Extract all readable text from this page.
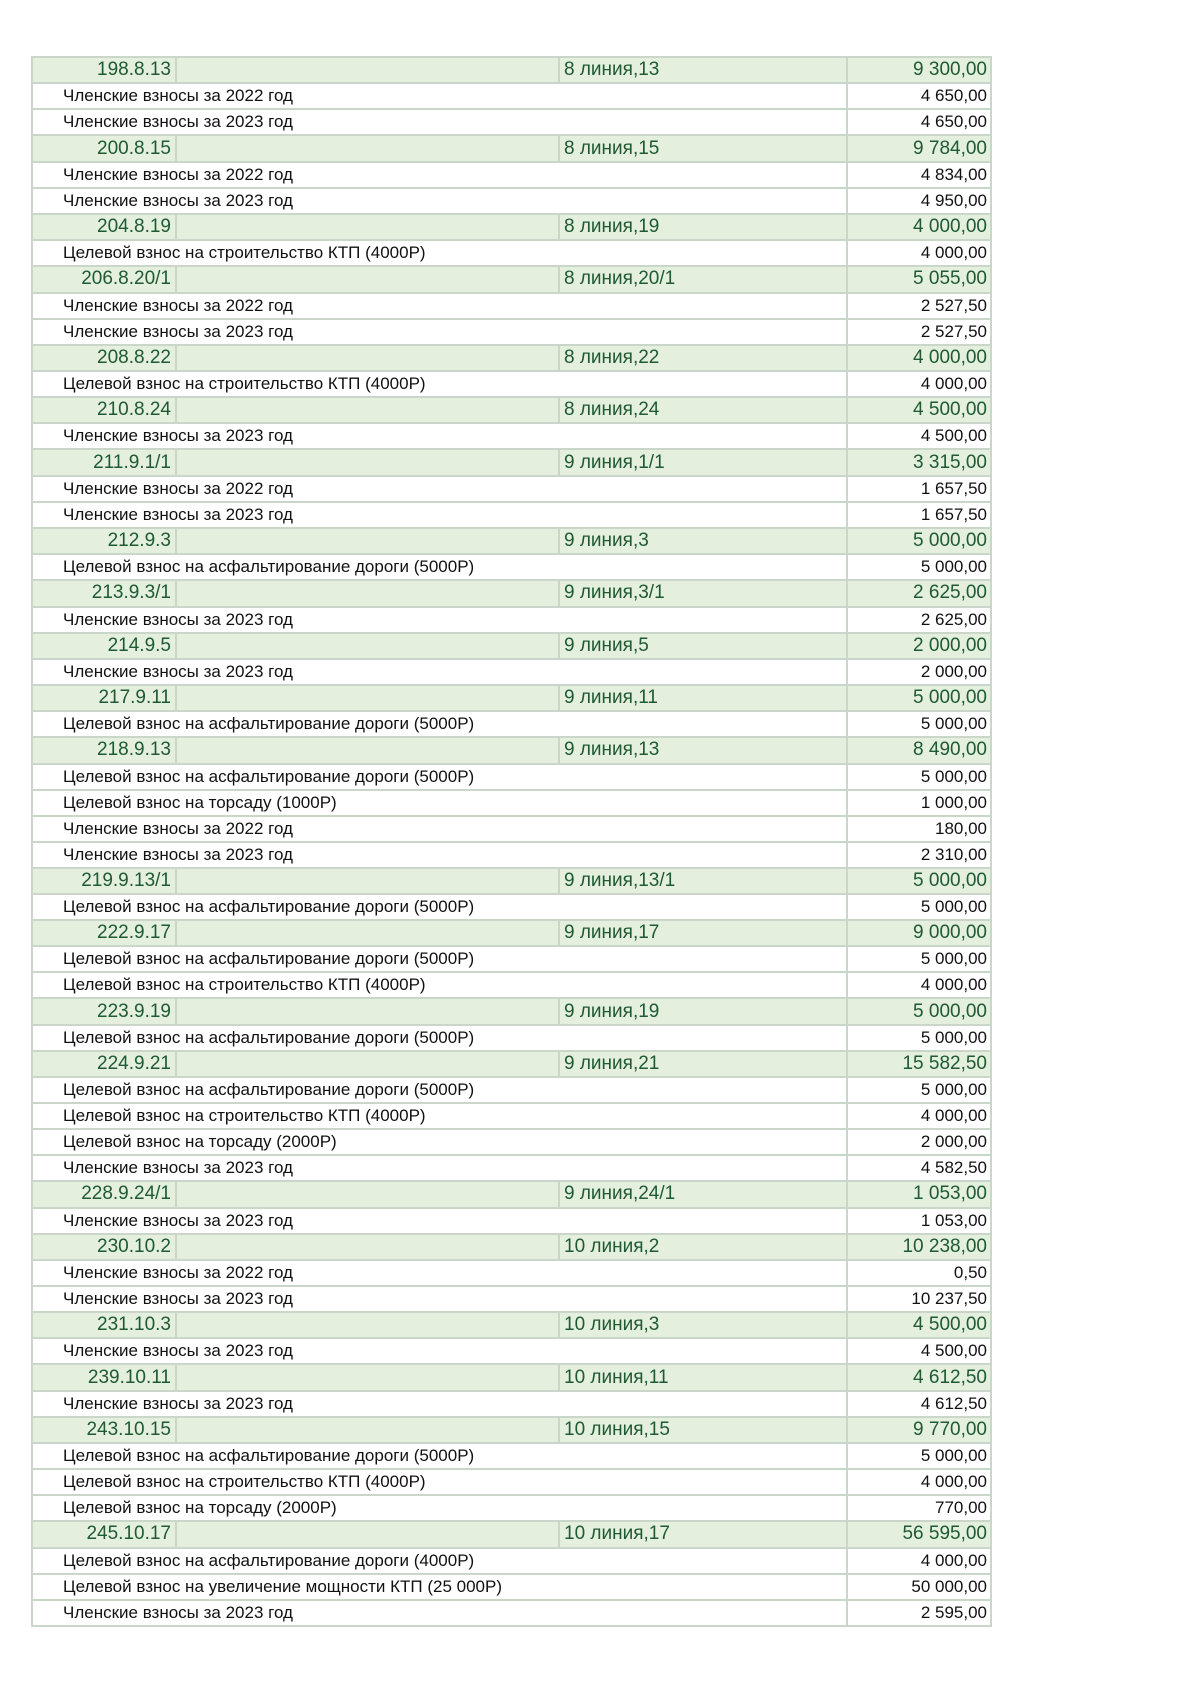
198.8.13		8 линия,13	9 300,00
Членские взносы за 2022 год			4 650,00
Членские взносы за 2023 год			4 650,00
200.8.15		8 линия,15	9 784,00
Членские взносы за 2022 год			4 834,00
Членские взносы за 2023 год			4 950,00
204.8.19		8 линия,19	4 000,00
Целевой взнос на строительство КТП (4000Р)			4 000,00
206.8.20/1		8 линия,20/1	5 055,00
Членские взносы за 2022 год			2 527,50
Членские взносы за 2023 год			2 527,50
208.8.22		8 линия,22	4 000,00
Целевой взнос на строительство КТП (4000Р)			4 000,00
210.8.24		8 линия,24	4 500,00
Членские взносы за 2023 год			4 500,00
211.9.1/1		9 линия,1/1	3 315,00
Членские взносы за 2022 год			1 657,50
Членские взносы за 2023 год			1 657,50
212.9.3		9 линия,3	5 000,00
Целевой взнос на асфальтирование дороги (5000Р)			5 000,00
213.9.3/1		9 линия,3/1	2 625,00
Членские взносы за 2023 год			2 625,00
214.9.5		9 линия,5	2 000,00
Членские взносы за 2023 год			2 000,00
217.9.11		9 линия,11	5 000,00
Целевой взнос на асфальтирование дороги (5000Р)			5 000,00
218.9.13		9 линия,13	8 490,00
Целевой взнос на асфальтирование дороги (5000Р)			5 000,00
Целевой взнос на торсаду (1000Р)			1 000,00
Членские взносы за 2022 год			180,00
Членские взносы за 2023 год			2 310,00
219.9.13/1		9 линия,13/1	5 000,00
Целевой взнос на асфальтирование дороги (5000Р)			5 000,00
222.9.17		9 линия,17	9 000,00
Целевой взнос на асфальтирование дороги (5000Р)			5 000,00
Целевой взнос на строительство КТП (4000Р)			4 000,00
223.9.19		9 линия,19	5 000,00
Целевой взнос на асфальтирование дороги (5000Р)			5 000,00
224.9.21		9 линия,21	15 582,50
Целевой взнос на асфальтирование дороги (5000Р)			5 000,00
Целевой взнос на строительство КТП (4000Р)			4 000,00
Целевой взнос на торсаду (2000Р)			2 000,00
Членские взносы за 2023 год			4 582,50
228.9.24/1		9 линия,24/1	1 053,00
Членские взносы за 2023 год			1 053,00
230.10.2		10 линия,2	10 238,00
Членские взносы за 2022 год			0,50
Членские взносы за 2023 год			10 237,50
231.10.3		10 линия,3	4 500,00
Членские взносы за 2023 год			4 500,00
239.10.11		10 линия,11	4 612,50
Членские взносы за 2023 год			4 612,50
243.10.15		10 линия,15	9 770,00
Целевой взнос на асфальтирование дороги (5000Р)			5 000,00
Целевой взнос на строительство КТП (4000Р)			4 000,00
Целевой взнос на торсаду (2000Р)			770,00
245.10.17		10 линия,17	56 595,00
Целевой взнос на асфальтирование дороги (4000Р)			4 000,00
Целевой взнос на увеличение мощности КТП (25 000Р)			50 000,00
Членские взносы за 2023 год			2 595,00
